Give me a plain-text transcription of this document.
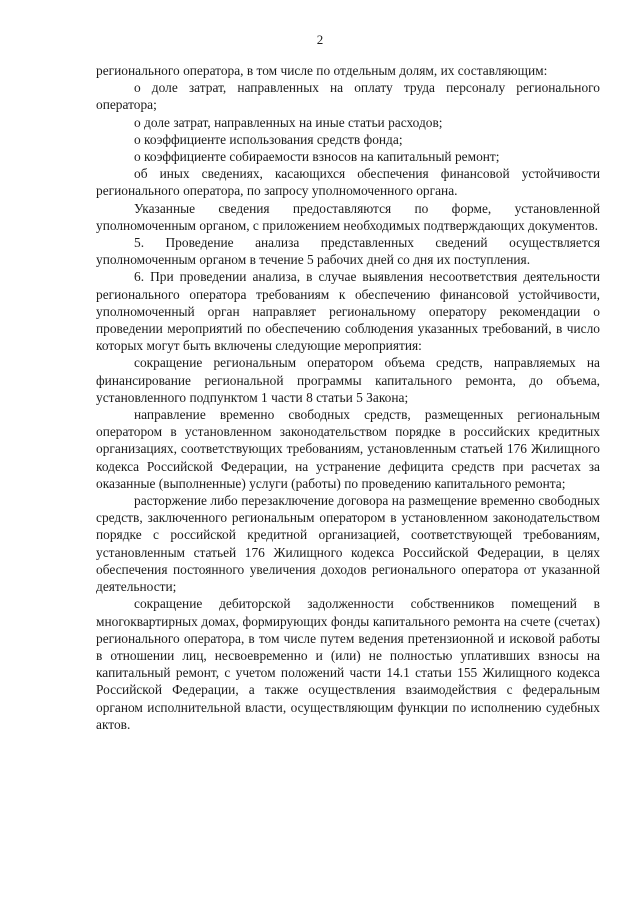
2

регионального оператора, в том числе по отдельным долям, их составляющим:

о доле затрат, направленных на оплату труда персоналу регионального оператора;

о доле затрат, направленных на иные статьи расходов;

о коэффициенте использования средств фонда;

о коэффициенте собираемости взносов на капитальный ремонт;

об иных сведениях, касающихся обеспечения финансовой устойчивости регионального оператора, по запросу уполномоченного органа.

Указанные сведения предоставляются по форме, установленной уполномоченным органом, с приложением необходимых подтверждающих документов.

5. Проведение анализа представленных сведений осуществляется уполномоченным органом в течение 5 рабочих дней со дня их поступления.

6. При проведении анализа, в случае выявления несоответствия деятельности регионального оператора требованиям к обеспечению финансовой устойчивости, уполномоченный орган направляет региональному оператору рекомендации о проведении мероприятий по обеспечению соблюдения указанных требований, в число которых могут быть включены следующие мероприятия:

сокращение региональным оператором объема средств, направляемых на финансирование региональной программы капитального ремонта, до объема, установленного подпунктом 1 части 8 статьи 5 Закона;

направление временно свободных средств, размещенных региональным оператором в установленном законодательством порядке в российских кредитных организациях, соответствующих требованиям, установленным статьей 176 Жилищного кодекса Российской Федерации, на устранение дефицита средств при расчетах за оказанные (выполненные) услуги (работы) по проведению капитального ремонта;

расторжение либо перезаключение договора на размещение временно свободных средств, заключенного региональным оператором в установленном законодательством порядке с российской кредитной организацией, соответствующей требованиям, установленным статьей 176 Жилищного кодекса Российской Федерации, в целях обеспечения постоянного увеличения доходов регионального оператора от указанной деятельности;

сокращение дебиторской задолженности собственников помещений в многоквартирных домах, формирующих фонды капитального ремонта на счете (счетах) регионального оператора, в том числе путем ведения претензионной и исковой работы в отношении лиц, несвоевременно и (или) не полностью уплативших взносы на капитальный ремонт, с учетом положений части 14.1 статьи 155 Жилищного кодекса Российской Федерации, а также осуществления взаимодействия с федеральным органом исполнительной власти, осуществляющим функции по исполнению судебных актов.
